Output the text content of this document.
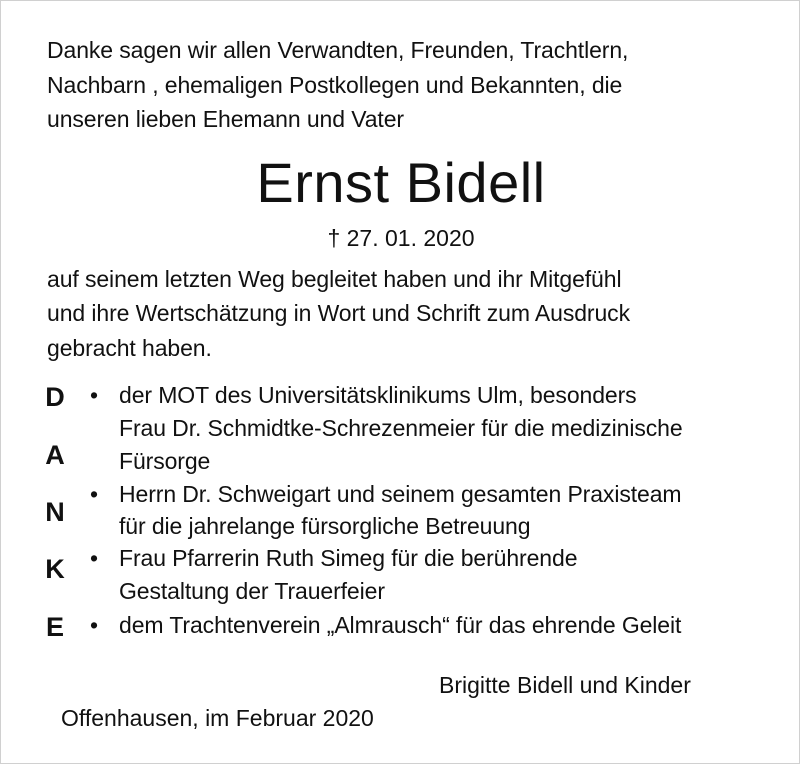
Danke sagen wir allen Verwandten, Freunden, Trachtlern,
Nachbarn , ehemaligen Postkollegen und Bekannten, die
unseren lieben Ehemann und Vater
Ernst Bidell
† 27. 01. 2020
auf seinem letzten Weg begleitet haben und ihr Mitgefühl
und ihre Wertschätzung in Wort und Schrift zum Ausdruck
gebracht haben.
D
A
N
K
E
• der MOT des Universitätsklinikums Ulm, besonders
Frau Dr. Schmidtke-Schrezenmeier für die medizinische
Fürsorge
• Herrn Dr. Schweigart und seinem gesamten Praxisteam
für die jahrelange fürsorgliche Betreuung
• Frau Pfarrerin Ruth Simeg für die berührende
Gestaltung der Trauerfeier
• dem Trachtenverein „Almrausch“ für das ehrende Geleit
Brigitte Bidell und Kinder
Offenhausen, im Februar 2020
